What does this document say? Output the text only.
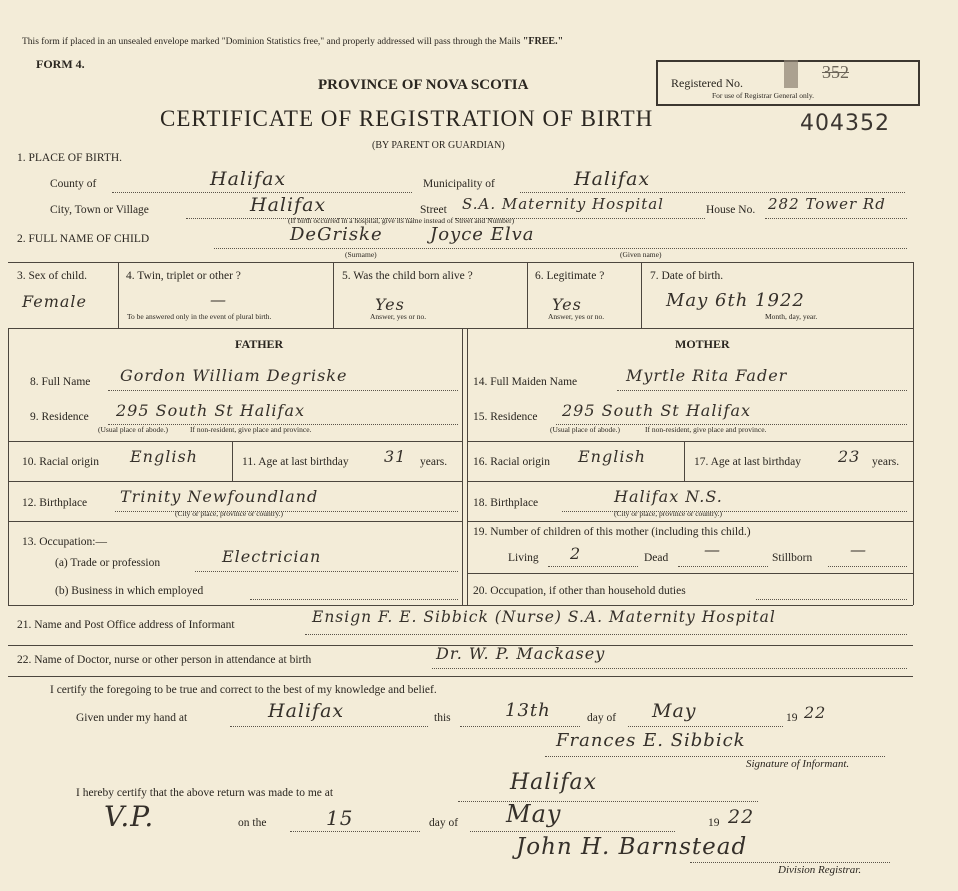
This form if placed in an unsealed envelope marked "Dominion Statistics free," and properly addressed will pass through the Mails "FREE."
FORM 4.
PROVINCE OF NOVA SCOTIA
CERTIFICATE OF REGISTRATION OF BIRTH
(BY PARENT OR GUARDIAN)
Registered No.
352
For use of Registrar General only.
404352
1. PLACE OF BIRTH.
County of	Halifax	Municipality of	Halifax
City, Town or Village	Halifax	Street S.A. Maternity Hospital	House No. 282 Tower Rd
(If birth occurred in a hospital, give its name instead of Street and Number)
2. FULL NAME OF CHILD	DeGriske	Joyce Elva
(Surname)	(Given name)
3. Sex of child.
Female
4. Twin, triplet or other ?
—
To be answered only in the event of plural birth.
5. Was the child born alive ?
Yes
Answer, yes or no.
6. Legitimate ?
Yes
Answer, yes or no.
7. Date of birth.
May 6th 1922
Month, day, year.
FATHER	MOTHER
8. Full Name Gordon William Degriske
9. Residence 295 South St Halifax
(Usual place of abode.)	If non-resident, give place and province.
10. Racial origin English	11. Age at last birthday 31 years.
12. Birthplace Trinity Newfoundland
(City or place, province or country.)
13. Occupation:—
(a) Trade or profession	Electrician
(b) Business in which employed
14. Full Maiden Name	Myrtle Rita Fader
15. Residence 295 South St Halifax
(Usual place of abode.)	If non-resident, give place and province.
16. Racial origin English	17. Age at last birthday 23 years.
18. Birthplace	Halifax N.S.
(City or place, province or country.)
19. Number of children of this mother (including this child.)
Living 2	Dead —	Stillborn —
20. Occupation, if other than household duties
21. Name and Post Office address of Informant	Ensign F. E. Sibbick (Nurse) S.A. Maternity Hospital
22. Name of Doctor, nurse or other person in attendance at birth	Dr. W. P. Mackasey
I certify the foregoing to be true and correct to the best of my knowledge and belief.
Given under my hand at	Halifax	this	13th	day of May	19 22
Frances E. Sibbick
Signature of Informant.
I hereby certify that the above return was made to me at	Halifax
V.P.	on the	15	day of May	19 22
John H. Barnstead
Division Registrar.
